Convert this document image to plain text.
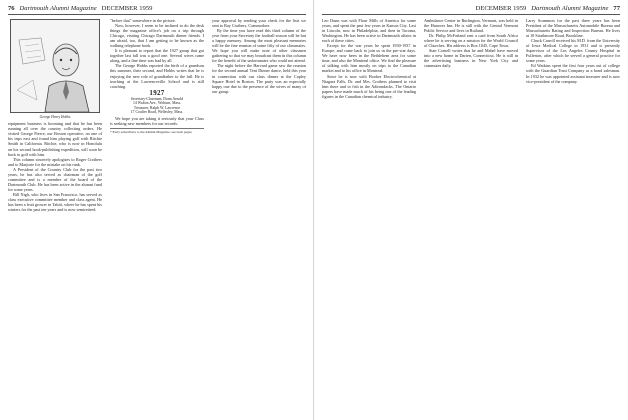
76 Dartmouth Alumni Magazine DECEMBER 1959
George Henry Hobbs

equipment business is booming and that he has been running all over the country collecting orders. He visited George Pierce, our Boston operative, on one of his trips east and found him playing golf with Ritchie Smith in California. Ritchie, who is now in Honolulu on his second book-publishing expedition, will soon be back to golf with him.

This column sincerely apologizes to Roger Crothers and to Marjorie for the mistake on his rank.

A President of the Country Club for the past two years, he has also served as chairman of the golf committee and is a member of the board of the Dartmouth Club. He has been active in the alumni fund for some years.

Bill Nigh, who lives in San Francisco, has served as class executive committee member and class agent. He has been a fruit grower in Tahiti, where he has spent his winters for the past ten years and is now semiretired.

"before that" somewhere in the picture.

Now, however, I seem to be inclined to do the desk things the magazine office's job on a trip through Chicago, visiting Chicago Dartmouth dinner friends. I am afraid, too, that I am getting to be known as the walking telephone book.

It is pleasant to report that the 1927 group that got together last fall was a good one. Several wives came along, and a fine time was had by all.

The George Hobbs reported the birth of a grandson this summer, their second, and Hobbs writes that he is enjoying the new role of grandfather to the full. He is teaching at the Lawrenceville School and is still coaching.

1927
Secretary-Chairman, Donn Arnold
14 Walton Ave., Woburn, Mass.
Treasurer, Ralph W. Lawrence
17 Coulter Road, Wellesley, Mass.

We hope you are taking it seriously that your Class is seeking new members for our records.

* Early subscribers to the Alumni Magazine, see back pages.

your approval by sending your check for the lists we sent to Ray Crothers, Commodore.

By the time you have read this third column of the year from your Secretary the football season will be but a happy memory. Among the most pleasant memories will be the fine reunion of some fifty of our classmates. We hope you will make note of other classmen gathering so that we may broadcast them in this column for the benefit of the unfortunates who could not attend.

The night before the Harvard game saw the reunion for the second annual Tent Dinner dance, held this year in connection with our class dinner at the Copley Square Hotel in Boston. The party was an especially happy one due to the presence of the wives of many of our group.

DECEMBER 1959 Dartmouth Alumni Magazine 77

Leo Dunn was with Flour Mills of America for some years, and spent the past few years in Kansas City. Last in Lincoln, now in Philadelphia, and then in Tacoma, Washington. He has been active in Dartmouth affairs in each of these cities.

Except for the war years he spent 1930-1937 in Europe, and came back to join us in the pre-war days. We have now been in the Bethlehem area for some time, and also the Montreal office. We find the pleasure of talking with him mostly on trips to the Canadian market and to his office in Montreal.

Since he is now with Hooker Electrochemical at Niagara Falls, Dr. and Mrs. Crothers planned to visit him there and to fish in the Adirondacks. The Ontario papers have made much of his being one of the leading figures in the Canadian chemical industry.

Ambulance Center in Burlington, Vermont, was held in the Hanover Inn. He is still with the Central Vermont Public Service and lives in Rutland.

Dr. Philip McFarland sent a card from South Africa where he is serving on a mission for the World Council of Churches. His address is Box 1045, Cape Town.

Stan Cornell writes that he and Mabel have moved into a new home in Darien, Connecticut. He is still in the advertising business in New York City and commutes daily.

Larry Scammon for the past three years has been President of the Massachusetts Automobile Bureau and Massachusetts Rating and Inspection Bureau. He lives at 10 Strathmore Road, Brookline.

Chuck Carroll received his M.D. from the University of Iowa Medical College in 1931 and is presently Supervisor of the Los Angeles County Hospital in Fullerton, after which he served a general practice for some years.

Ed Watkins spent the first four years out of college with the Guardian Trust Company as a bond salesman. In 1932 he was appointed assistant treasurer and is now vice-president of the company.
